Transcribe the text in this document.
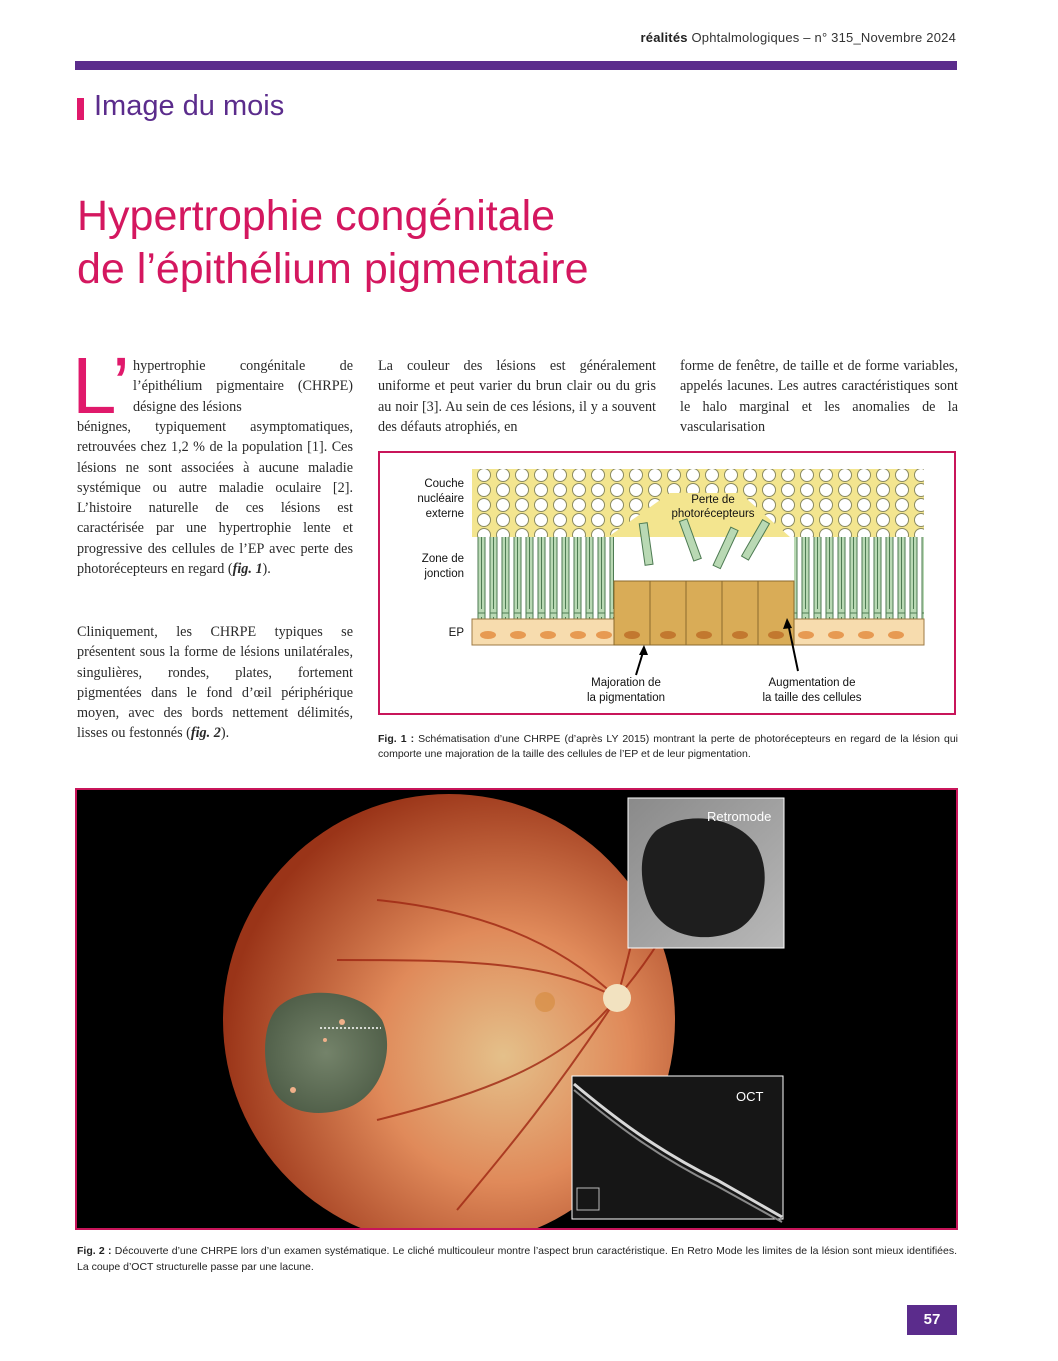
réalités Ophtalmologiques – n° 315_Novembre 2024
Image du mois
Hypertrophie congénitale
de l’épithélium pigmentaire
L’ hypertrophie congénitale de l’épithélium pigmentaire (CHRPE) désigne des lésions

bénignes, typiquement asymptomatiques, retrouvées chez 1,2 % de la population [1]. Ces lésions ne sont associées à aucune maladie systémique ou autre maladie oculaire [2]. L’histoire naturelle de ces lésions est caractérisée par une hypertrophie lente et progressive des cellules de l’EP avec perte des photorécepteurs en regard (fig. 1).

Cliniquement, les CHRPE typiques se présentent sous la forme de lésions unilatérales, singulières, rondes, plates, fortement pigmentées dans le fond d’œil périphérique moyen, avec des bords nettement délimités, lisses ou festonnés (fig. 2).

La couleur des lésions est généralement uniforme et peut varier du brun clair ou du gris au noir [3]. Au sein de ces lésions, il y a souvent des défauts atrophiés, en

forme de fenêtre, de taille et de forme variables, appelés lacunes. Les autres caractéristiques sont le halo marginal et les anomalies de la vascularisation

Couche
nucléaire
externe
Zone de
jonction
EP
Perte de
photorécepteurs
Majoration de
la pigmentation
Augmentation de
la taille des cellules
Fig. 1 : Schématisation d’une CHRPE (d’après LY 2015) montrant la perte de photorécepteurs en regard de la lésion qui comporte une majoration de la taille des cellules de l’EP et de leur pigmentation.
Retromode
OCT
Fig. 2 : Découverte d’une CHRPE lors d’un examen systématique. Le cliché multicouleur montre l’aspect brun caractéristique. En Retro Mode les limites de la lésion sont mieux identifiées. La coupe d’OCT structurelle passe par une lacune.
57
